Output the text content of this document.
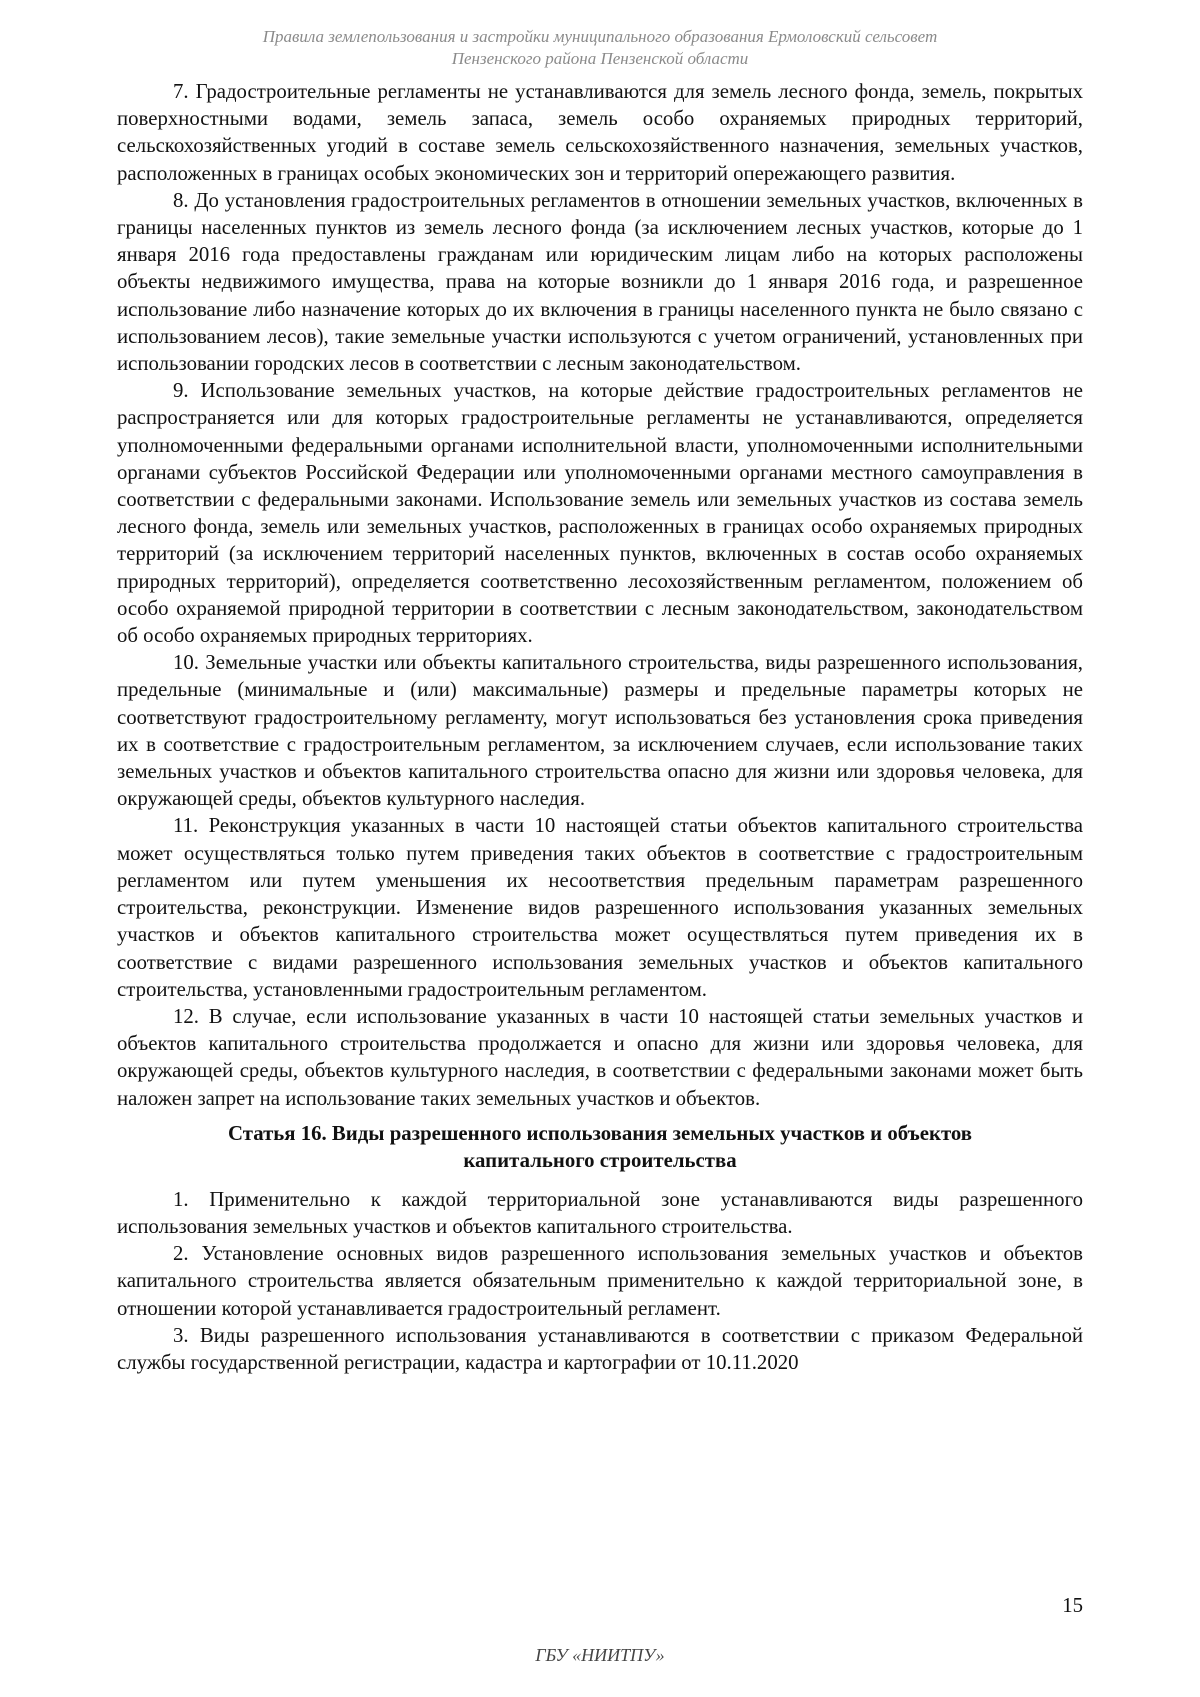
Правила землепользования и застройки муниципального образования Ермоловский сельсовет
Пензенского района Пензенской области

7. Градостроительные регламенты не устанавливаются для земель лесного фонда, земель, покрытых поверхностными водами, земель запаса, земель особо охраняемых природных территорий, сельскохозяйственных угодий в составе земель сельскохозяйственного назначения, земельных участков, расположенных в границах особых экономических зон и территорий опережающего развития.

8. До установления градостроительных регламентов в отношении земельных участков, включенных в границы населенных пунктов из земель лесного фонда (за исключением лесных участков, которые до 1 января 2016 года предоставлены гражданам или юридическим лицам либо на которых расположены объекты недвижимого имущества, права на которые возникли до 1 января 2016 года, и разрешенное использование либо назначение которых до их включения в границы населенного пункта не было связано с использованием лесов), такие земельные участки используются с учетом ограничений, установленных при использовании городских лесов в соответствии с лесным законодательством.

9. Использование земельных участков, на которые действие градостроительных регламентов не распространяется или для которых градостроительные регламенты не устанавливаются, определяется уполномоченными федеральными органами исполнительной власти, уполномоченными исполнительными органами субъектов Российской Федерации или уполномоченными органами местного самоуправления в соответствии с федеральными законами. Использование земель или земельных участков из состава земель лесного фонда, земель или земельных участков, расположенных в границах особо охраняемых природных территорий (за исключением территорий населенных пунктов, включенных в состав особо охраняемых природных территорий), определяется соответственно лесохозяйственным регламентом, положением об особо охраняемой природной территории в соответствии с лесным законодательством, законодательством об особо охраняемых природных территориях.

10. Земельные участки или объекты капитального строительства, виды разрешенного использования, предельные (минимальные и (или) максимальные) размеры и предельные параметры которых не соответствуют градостроительному регламенту, могут использоваться без установления срока приведения их в соответствие с градостроительным регламентом, за исключением случаев, если использование таких земельных участков и объектов капитального строительства опасно для жизни или здоровья человека, для окружающей среды, объектов культурного наследия.

11. Реконструкция указанных в части 10 настоящей статьи объектов капитального строительства может осуществляться только путем приведения таких объектов в соответствие с градостроительным регламентом или путем уменьшения их несоответствия предельным параметрам разрешенного строительства, реконструкции. Изменение видов разрешенного использования указанных земельных участков и объектов капитального строительства может осуществляться путем приведения их в соответствие с видами разрешенного использования земельных участков и объектов капитального строительства, установленными градостроительным регламентом.

12. В случае, если использование указанных в части 10 настоящей статьи земельных участков и объектов капитального строительства продолжается и опасно для жизни или здоровья человека, для окружающей среды, объектов культурного наследия, в соответствии с федеральными законами может быть наложен запрет на использование таких земельных участков и объектов.

Статья 16. Виды разрешенного использования земельных участков и объектов
капитального строительства

1. Применительно к каждой территориальной зоне устанавливаются виды разрешенного использования земельных участков и объектов капитального строительства.

2. Установление основных видов разрешенного использования земельных участков и объектов капитального строительства является обязательным применительно к каждой территориальной зоне, в отношении которой устанавливается градостроительный регламент.

3. Виды разрешенного использования устанавливаются в соответствии с приказом Федеральной службы государственной регистрации, кадастра и картографии от 10.11.2020

15
ГБУ «НИИТПУ»
